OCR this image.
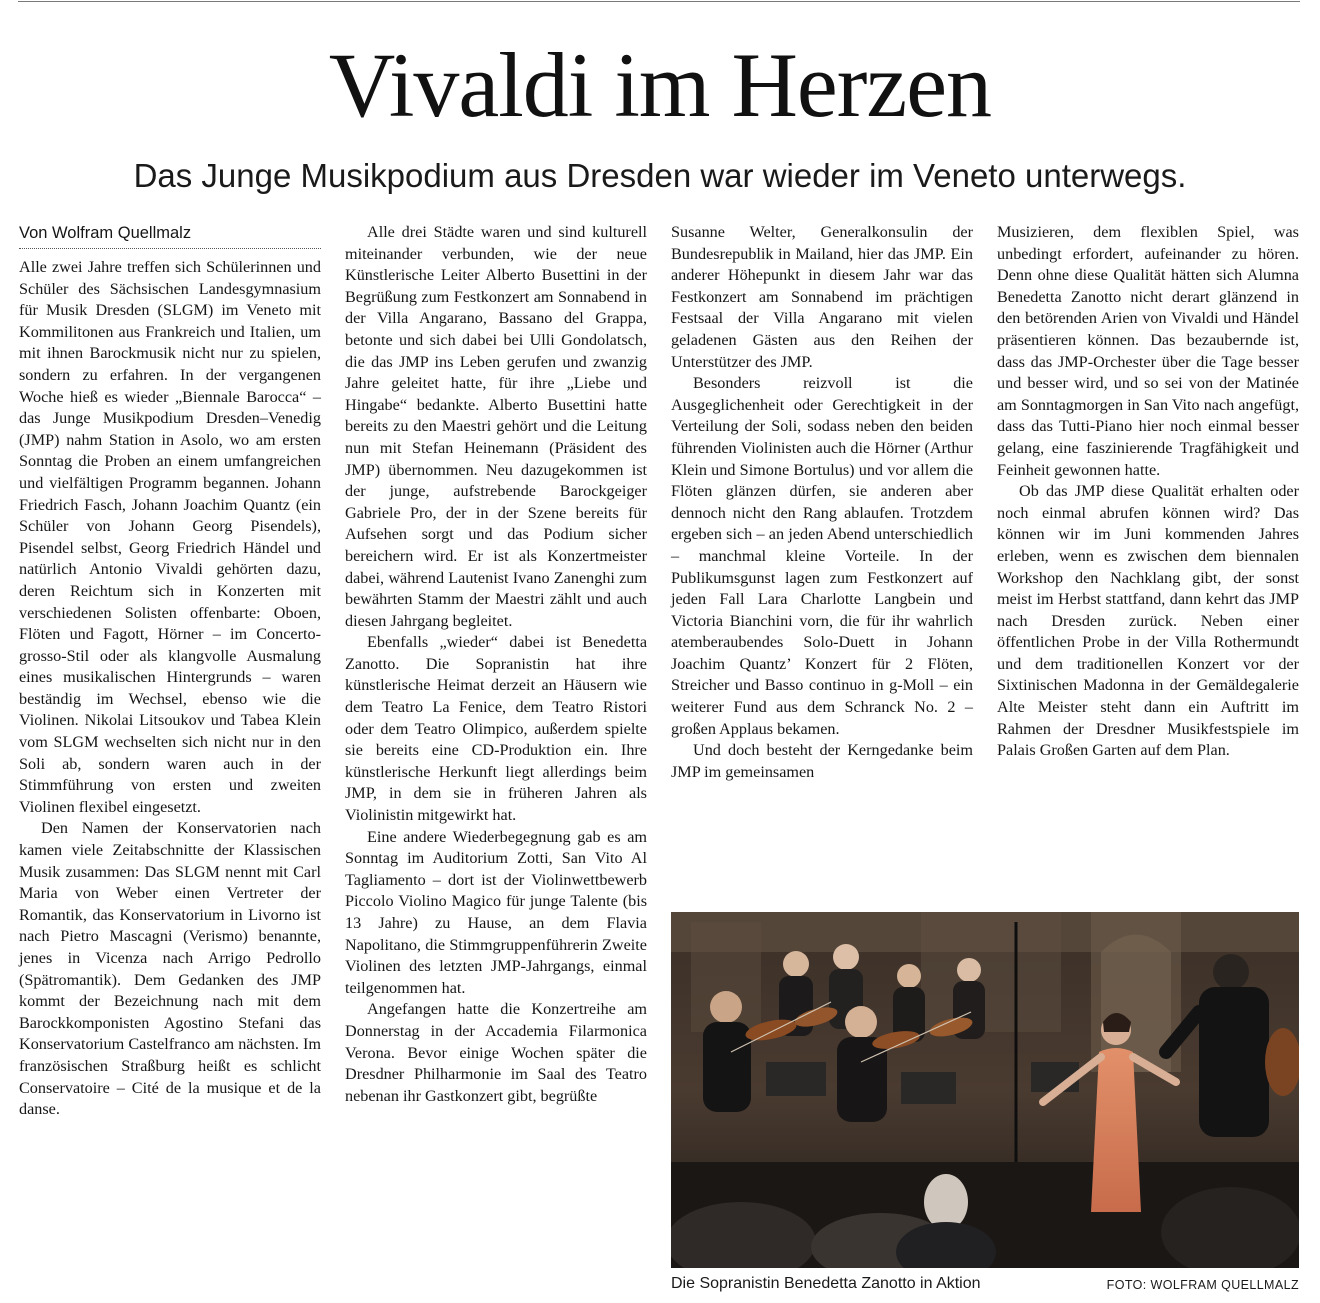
Vivaldi im Herzen
Das Junge Musikpodium aus Dresden war wieder im Veneto unterwegs.
Von Wolfram Quellmalz

Alle zwei Jahre treffen sich Schülerinnen und Schüler des Sächsischen Landesgymnasium für Musik Dresden (SLGM) im Veneto mit Kommilitonen aus Frankreich und Italien, um mit ihnen Barockmusik nicht nur zu spielen, sondern zu erfahren. In der vergangenen Woche hieß es wieder „Biennale Barocca“ – das Junge Musikpodium Dresden–Venedig (JMP) nahm Station in Asolo, wo am ersten Sonntag die Proben an einem umfangreichen und vielfältigen Programm begannen. Johann Friedrich Fasch, Johann Joachim Quantz (ein Schüler von Johann Georg Pisendels), Pisendel selbst, Georg Friedrich Händel und natürlich Antonio Vivaldi gehörten dazu, deren Reichtum sich in Konzerten mit verschiedenen Solisten offenbarte: Oboen, Flöten und Fagott, Hörner – im Concerto-grosso-Stil oder als klangvolle Ausmalung eines musikalischen Hintergrunds – waren beständig im Wechsel, ebenso wie die Violinen. Nikolai Litsoukov und Tabea Klein vom SLGM wechselten sich nicht nur in den Soli ab, sondern waren auch in der Stimmführung von ersten und zweiten Violinen flexibel eingesetzt.

Den Namen der Konservatorien nach kamen viele Zeitabschnitte der Klassischen Musik zusammen: Das SLGM nennt mit Carl Maria von Weber einen Vertreter der Romantik, das Konservatorium in Livorno ist nach Pietro Mascagni (Verismo) benannte, jenes in Vicenza nach Arrigo Pedrollo (Spätromantik). Dem Gedanken des JMP kommt der Bezeichnung nach mit dem Barockkomponisten Agostino Stefani das Konservatorium Castelfranco am nächsten. Im französischen Straßburg heißt es schlicht Conservatoire – Cité de la musique et de la danse.

Alle drei Städte waren und sind kulturell miteinander verbunden, wie der neue Künstlerische Leiter Alberto Busettini in der Begrüßung zum Festkonzert am Sonnabend in der Villa Angarano, Bassano del Grappa, betonte und sich dabei bei Ulli Gondolatsch, die das JMP ins Leben gerufen und zwanzig Jahre geleitet hatte, für ihre „Liebe und Hingabe“ bedankte. Alberto Busettini hatte bereits zu den Maestri gehört und die Leitung nun mit Stefan Heinemann (Präsident des JMP) übernommen. Neu dazugekommen ist der junge, aufstrebende Barockgeiger Gabriele Pro, der in der Szene bereits für Aufsehen sorgt und das Podium sicher bereichern wird. Er ist als Konzertmeister dabei, während Lautenist Ivano Zanenghi zum bewährten Stamm der Maestri zählt und auch diesen Jahrgang begleitet.

Ebenfalls „wieder“ dabei ist Benedetta Zanotto. Die Sopranistin hat ihre künstlerische Heimat derzeit an Häusern wie dem Teatro La Fenice, dem Teatro Ristori oder dem Teatro Olimpico, außerdem spielte sie bereits eine CD-Produktion ein. Ihre künstlerische Herkunft liegt allerdings beim JMP, in dem sie in früheren Jahren als Violinistin mitgewirkt hat.

Eine andere Wiederbegegnung gab es am Sonntag im Auditorium Zotti, San Vito Al Tagliamento – dort ist der Violinwettbewerb Piccolo Violino Magico für junge Talente (bis 13 Jahre) zu Hause, an dem Flavia Napolitano, die Stimmgruppenführerin Zweite Violinen des letzten JMP-Jahrgangs, einmal teilgenommen hat.

Angefangen hatte die Konzertreihe am Donnerstag in der Accademia Filarmonica Verona. Bevor einige Wochen später die Dresdner Philharmonie im Saal des Teatro nebenan ihr Gastkonzert gibt, begrüßte

Susanne Welter, Generalkonsulin der Bundesrepublik in Mailand, hier das JMP. Ein anderer Höhepunkt in diesem Jahr war das Festkonzert am Sonnabend im prächtigen Festsaal der Villa Angarano mit vielen geladenen Gästen aus den Reihen der Unterstützer des JMP.

Besonders reizvoll ist die Ausgeglichenheit oder Gerechtigkeit in der Verteilung der Soli, sodass neben den beiden führenden Violinisten auch die Hörner (Arthur Klein und Simone Bortulus) und vor allem die Flöten glänzen dürfen, sie anderen aber dennoch nicht den Rang ablaufen. Trotzdem ergeben sich – an jeden Abend unterschiedlich – manchmal kleine Vorteile. In der Publikumsgunst lagen zum Festkonzert auf jeden Fall Lara Charlotte Langbein und Victoria Bianchini vorn, die für ihr wahrlich atemberaubendes Solo-Duett in Johann Joachim Quantz’ Konzert für 2 Flöten, Streicher und Basso continuo in g-Moll – ein weiterer Fund aus dem Schranck No. 2 – großen Applaus bekamen.

Und doch besteht der Kerngedanke beim JMP im gemeinsamen

Musizieren, dem flexiblen Spiel, was unbedingt erfordert, aufeinander zu hören. Denn ohne diese Qualität hätten sich Alumna Benedetta Zanotto nicht derart glänzend in den betörenden Arien von Vivaldi und Händel präsentieren können. Das bezaubernde ist, dass das JMP-Orchester über die Tage besser und besser wird, und so sei von der Matinée am Sonntagmorgen in San Vito nach angefügt, dass das Tutti-Piano hier noch einmal besser gelang, eine faszinierende Tragfähigkeit und Feinheit gewonnen hatte.

Ob das JMP diese Qualität erhalten oder noch einmal abrufen können wird? Das können wir im Juni kommenden Jahres erleben, wenn es zwischen dem biennalen Workshop den Nachklang gibt, der sonst meist im Herbst stattfand, dann kehrt das JMP nach Dresden zurück. Neben einer öffentlichen Probe in der Villa Rothermundt und dem traditionellen Konzert vor der Sixtinischen Madonna in der Gemäldegalerie Alte Meister steht dann ein Auftritt im Rahmen der Dresdner Musikfestspiele im Palais Großen Garten auf dem Plan.

Die Sopranistin Benedetta Zanotto in Aktion	FOTO: WOLFRAM QUELLMALZ
